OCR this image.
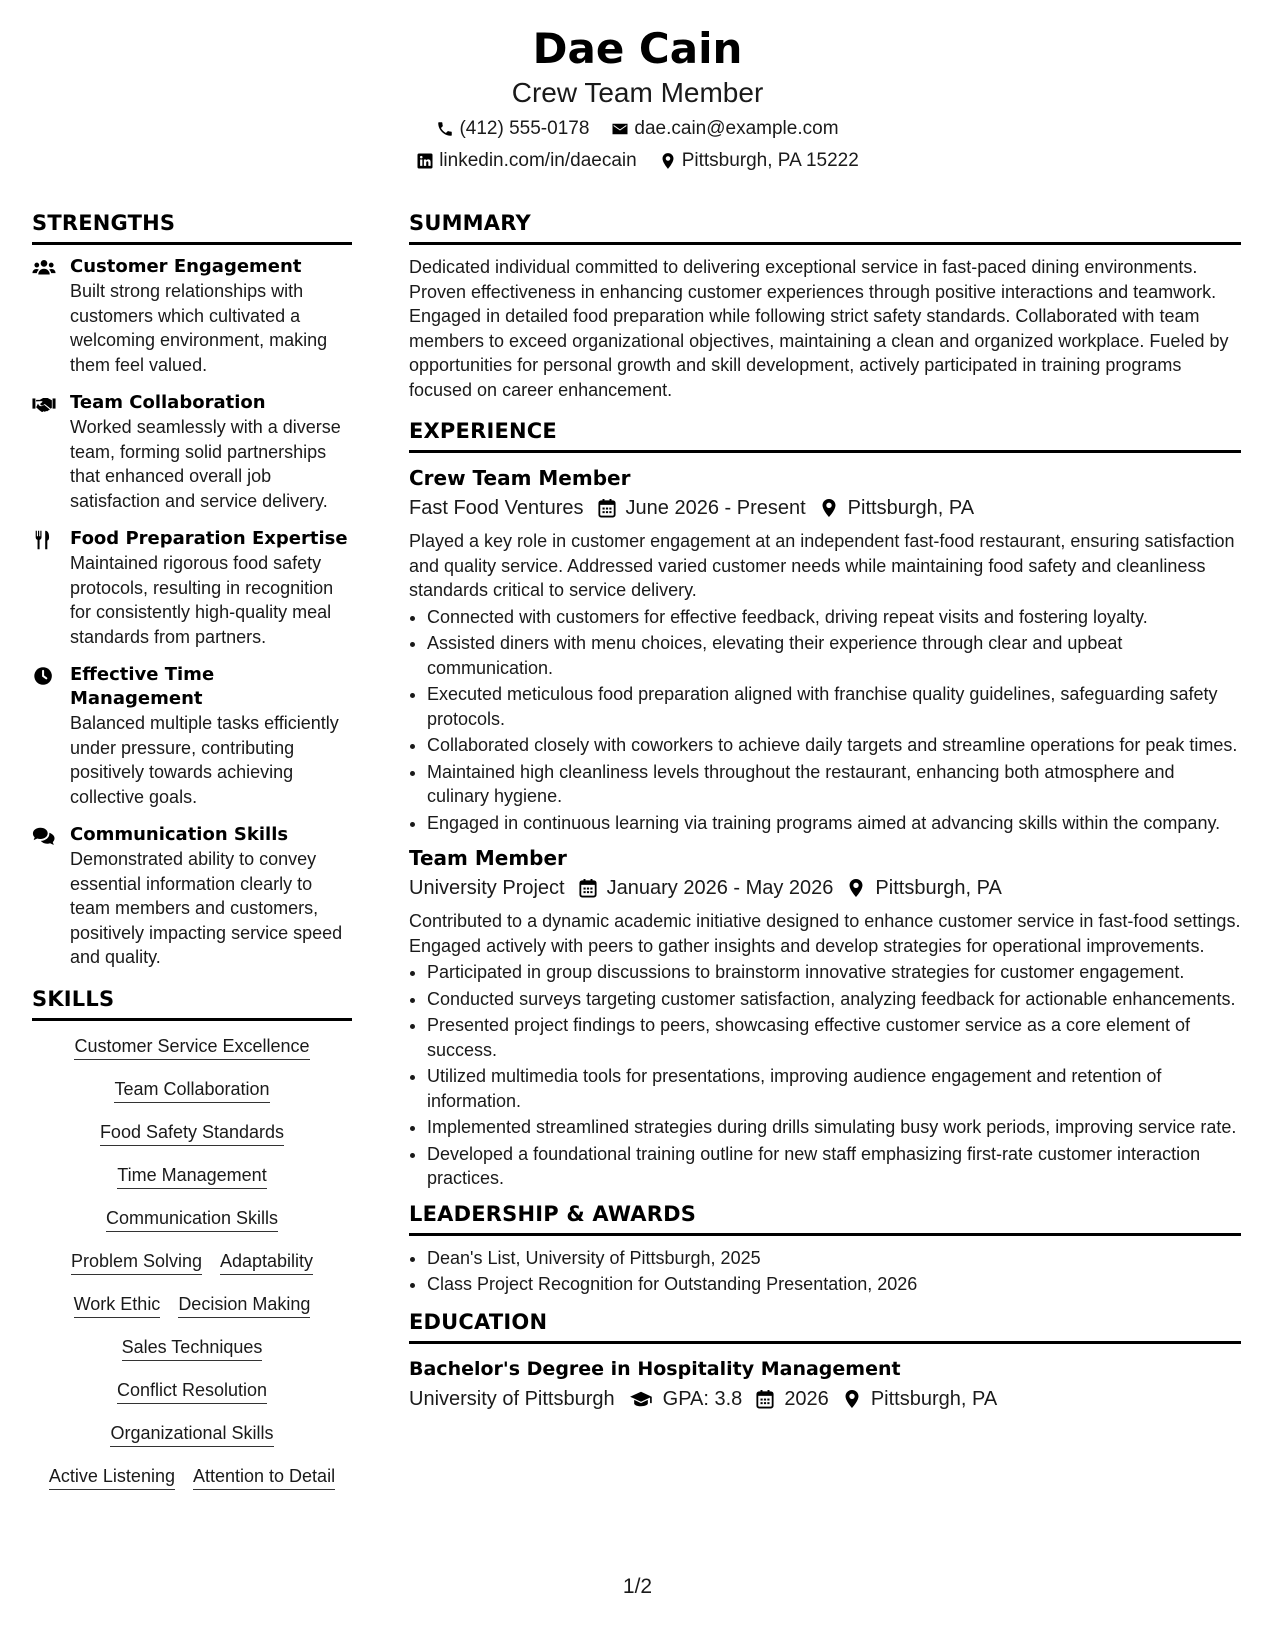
Dae Cain
Crew Team Member
(412) 555-0178 dae.cain@example.com
linkedin.com/in/daecain Pittsburgh, PA 15222
STRENGTHS
Customer Engagement
Built strong relationships with customers which cultivated a welcoming environment, making them feel valued.
Team Collaboration
Worked seamlessly with a diverse team, forming solid partnerships that enhanced overall job satisfaction and service delivery.
Food Preparation Expertise
Maintained rigorous food safety protocols, resulting in recognition for consistently high-quality meal standards from partners.
Effective Time Management
Balanced multiple tasks efficiently under pressure, contributing positively towards achieving collective goals.
Communication Skills
Demonstrated ability to convey essential information clearly to team members and customers, positively impacting service speed and quality.
SKILLS
Customer Service Excellence
Team Collaboration
Food Safety Standards
Time Management
Communication Skills
Problem Solving Adaptability
Work Ethic Decision Making
Sales Techniques
Conflict Resolution
Organizational Skills
Active Listening Attention to Detail
SUMMARY

Dedicated individual committed to delivering exceptional service in fast-paced dining environments. Proven effectiveness in enhancing customer experiences through positive interactions and teamwork. Engaged in detailed food preparation while following strict safety standards. Collaborated with team members to exceed organizational objectives, maintaining a clean and organized workplace. Fueled by opportunities for personal growth and skill development, actively participated in training programs focused on career enhancement.

EXPERIENCE
Crew Team Member
Fast Food Ventures June 2026 - Present Pittsburgh, PA

Played a key role in customer engagement at an independent fast-food restaurant, ensuring satisfaction and quality service. Addressed varied customer needs while maintaining food safety and cleanliness standards critical to service delivery.

• Connected with customers for effective feedback, driving repeat visits and fostering loyalty.
• Assisted diners with menu choices, elevating their experience through clear and upbeat communication.
• Executed meticulous food preparation aligned with franchise quality guidelines, safeguarding safety protocols.
• Collaborated closely with coworkers to achieve daily targets and streamline operations for peak times.
• Maintained high cleanliness levels throughout the restaurant, enhancing both atmosphere and culinary hygiene.
• Engaged in continuous learning via training programs aimed at advancing skills within the company.
Team Member
University Project January 2026 - May 2026 Pittsburgh, PA

Contributed to a dynamic academic initiative designed to enhance customer service in fast-food settings. Engaged actively with peers to gather insights and develop strategies for operational improvements.

• Participated in group discussions to brainstorm innovative strategies for customer engagement.
• Conducted surveys targeting customer satisfaction, analyzing feedback for actionable enhancements.
• Presented project findings to peers, showcasing effective customer service as a core element of success.
• Utilized multimedia tools for presentations, improving audience engagement and retention of information.
• Implemented streamlined strategies during drills simulating busy work periods, improving service rate.
• Developed a foundational training outline for new staff emphasizing first-rate customer interaction practices.
LEADERSHIP & AWARDS
• Dean's List, University of Pittsburgh, 2025
• Class Project Recognition for Outstanding Presentation, 2026
EDUCATION
Bachelor's Degree in Hospitality Management
University of Pittsburgh GPA: 3.8 2026 Pittsburgh, PA
1/2
